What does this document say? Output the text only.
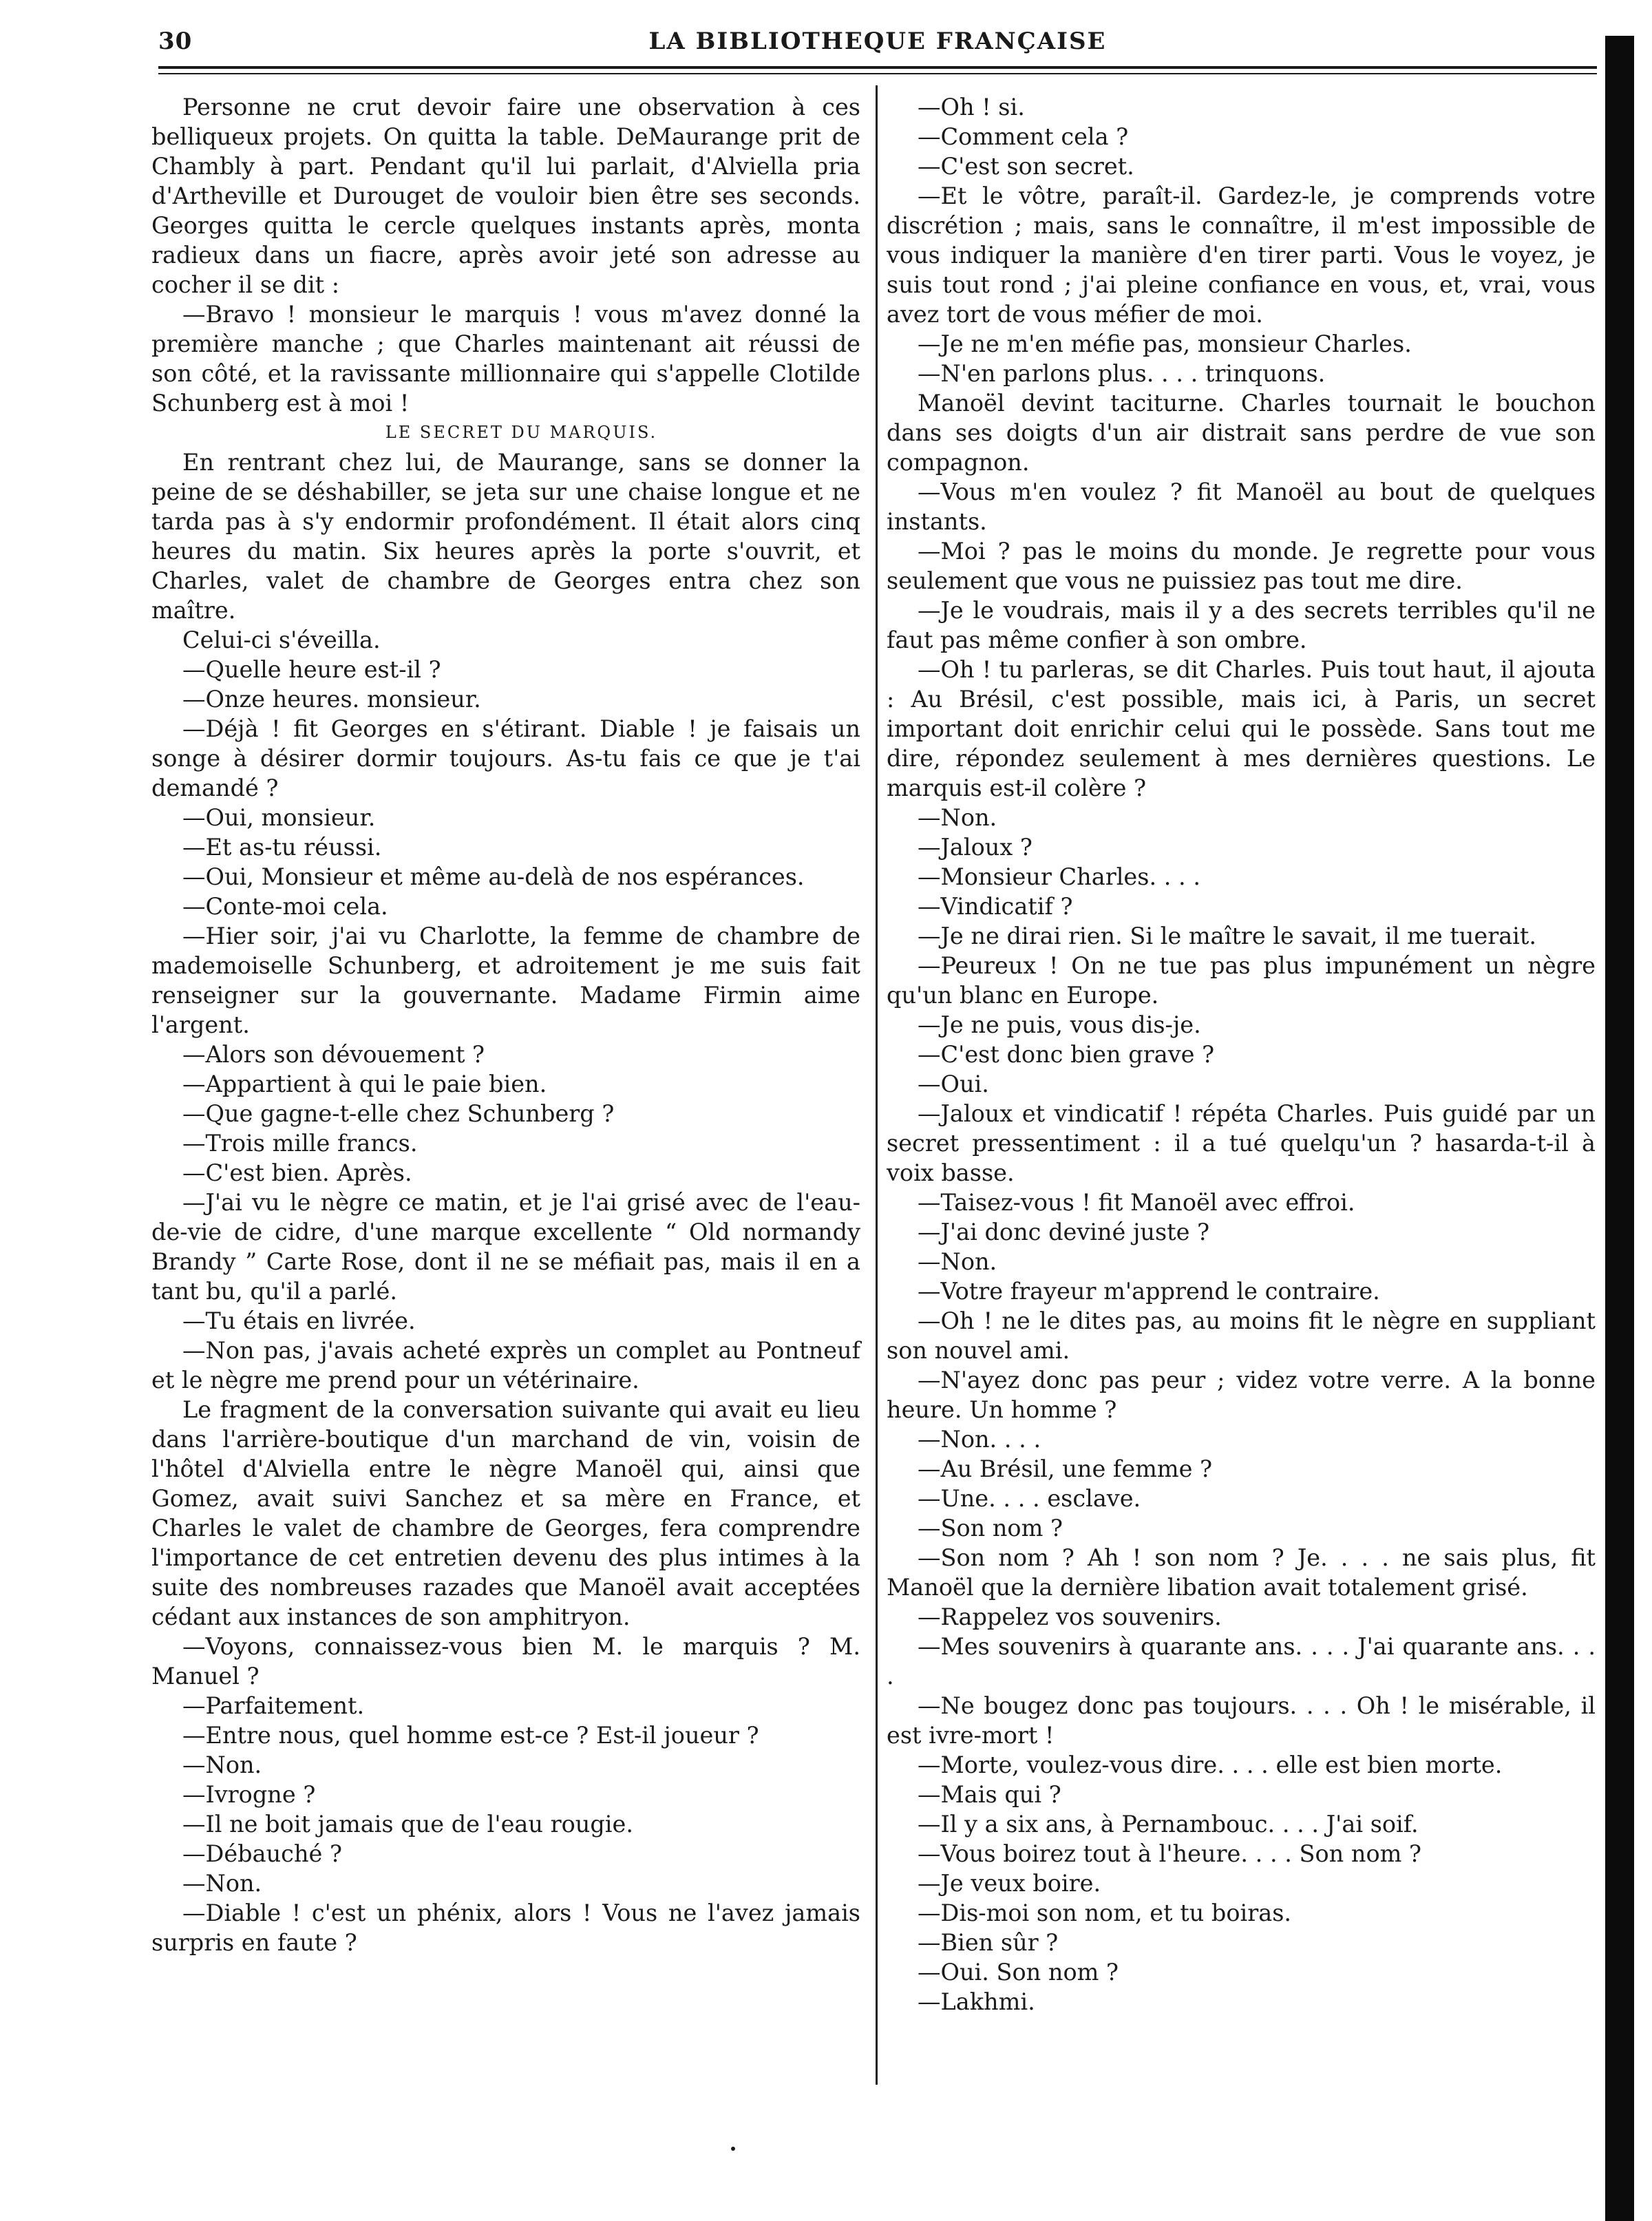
30	LA BIBLIOTHEQUE FRANÇAISE

Personne ne crut devoir faire une observation à ces belliqueux projets. On quitta la table. DeMaurange prit de Chambly à part. Pendant qu'il lui parlait, d'Alviella pria d'Artheville et Durouget de vouloir bien être ses seconds. Georges quitta le cercle quelques instants après, monta radieux dans un fiacre, après avoir jeté son adresse au cocher il se dit :

—Bravo ! monsieur le marquis ! vous m'avez donné la première manche ; que Charles maintenant ait réussi de son côté, et la ravissante millionnaire qui s'appelle Clotilde Schunberg est à moi !

LE SECRET DU MARQUIS.

En rentrant chez lui, de Maurange, sans se donner la peine de se déshabiller, se jeta sur une chaise longue et ne tarda pas à s'y endormir profondément. Il était alors cinq heures du matin. Six heures après la porte s'ouvrit, et Charles, valet de chambre de Georges entra chez son maître.

Celui-ci s'éveilla.

—Quelle heure est-il ?

—Onze heures. monsieur.

—Déjà ! fit Georges en s'étirant. Diable ! je faisais un songe à désirer dormir toujours. As-tu fais ce que je t'ai demandé ?

—Oui, monsieur.

—Et as-tu réussi.

—Oui, Monsieur et même au-delà de nos espérances.

—Conte-moi cela.

—Hier soir, j'ai vu Charlotte, la femme de chambre de mademoiselle Schunberg, et adroitement je me suis fait renseigner sur la gouvernante. Madame Firmin aime l'argent.

—Alors son dévouement ?

—Appartient à qui le paie bien.

—Que gagne-t-elle chez Schunberg ?

—Trois mille francs.

—C'est bien. Après.

—J'ai vu le nègre ce matin, et je l'ai grisé avec de l'eau-de-vie de cidre, d'une marque excellente “ Old normandy Brandy ” Carte Rose, dont il ne se méfiait pas, mais il en a tant bu, qu'il a parlé.

—Tu étais en livrée.

—Non pas, j'avais acheté exprès un complet au Pontneuf et le nègre me prend pour un vétérinaire.

Le fragment de la conversation suivante qui avait eu lieu dans l'arrière-boutique d'un marchand de vin, voisin de l'hôtel d'Alviella entre le nègre Manoël qui, ainsi que Gomez, avait suivi Sanchez et sa mère en France, et Charles le valet de chambre de Georges, fera comprendre l'importance de cet entretien devenu des plus intimes à la suite des nombreuses razades que Manoël avait acceptées cédant aux instances de son amphitryon.

—Voyons, connaissez-vous bien M. le marquis ? M. Manuel ?

—Parfaitement.

—Entre nous, quel homme est-ce ? Est-il joueur ?

—Non.

—Ivrogne ?

—Il ne boit jamais que de l'eau rougie.

—Débauché ?

—Non.

—Diable ! c'est un phénix, alors ! Vous ne l'avez jamais surpris en faute ?

—Oh ! si.

—Comment cela ?

—C'est son secret.

—Et le vôtre, paraît-il. Gardez-le, je comprends votre discrétion ; mais, sans le connaître, il m'est impossible de vous indiquer la manière d'en tirer parti. Vous le voyez, je suis tout rond ; j'ai pleine confiance en vous, et, vrai, vous avez tort de vous méfier de moi.

—Je ne m'en méfie pas, monsieur Charles.

—N'en parlons plus. . . . trinquons.

Manoël devint taciturne. Charles tournait le bouchon dans ses doigts d'un air distrait sans perdre de vue son compagnon.

—Vous m'en voulez ? fit Manoël au bout de quelques instants.

—Moi ? pas le moins du monde. Je regrette pour vous seulement que vous ne puissiez pas tout me dire.

—Je le voudrais, mais il y a des secrets terribles qu'il ne faut pas même confier à son ombre.

—Oh ! tu parleras, se dit Charles. Puis tout haut, il ajouta : Au Brésil, c'est possible, mais ici, à Paris, un secret important doit enrichir celui qui le possède. Sans tout me dire, répondez seulement à mes dernières questions. Le marquis est-il colère ?

—Non.

—Jaloux ?

—Monsieur Charles. . . .

—Vindicatif ?

—Je ne dirai rien. Si le maître le savait, il me tuerait.

—Peureux ! On ne tue pas plus impunément un nègre qu'un blanc en Europe.

—Je ne puis, vous dis-je.

—C'est donc bien grave ?

—Oui.

—Jaloux et vindicatif ! répéta Charles. Puis guidé par un secret pressentiment : il a tué quelqu'un ? hasarda-t-il à voix basse.

—Taisez-vous ! fit Manoël avec effroi.

—J'ai donc deviné juste ?

—Non.

—Votre frayeur m'apprend le contraire.

—Oh ! ne le dites pas, au moins fit le nègre en suppliant son nouvel ami.

—N'ayez donc pas peur ; videz votre verre. A la bonne heure. Un homme ?

—Non. . . .

—Au Brésil, une femme ?

—Une. . . . esclave.

—Son nom ?

—Son nom ? Ah ! son nom ? Je. . . . ne sais plus, fit Manoël que la dernière libation avait totalement grisé.

—Rappelez vos souvenirs.

—Mes souvenirs à quarante ans. . . . J'ai quarante ans. . . .

—Ne bougez donc pas toujours. . . . Oh ! le misérable, il est ivre-mort !

—Morte, voulez-vous dire. . . . elle est bien morte.

—Mais qui ?

—Il y a six ans, à Pernambouc. . . . J'ai soif.

—Vous boirez tout à l'heure. . . . Son nom ?

—Je veux boire.

—Dis-moi son nom, et tu boiras.

—Bien sûr ?

—Oui. Son nom ?

—Lakhmi.
